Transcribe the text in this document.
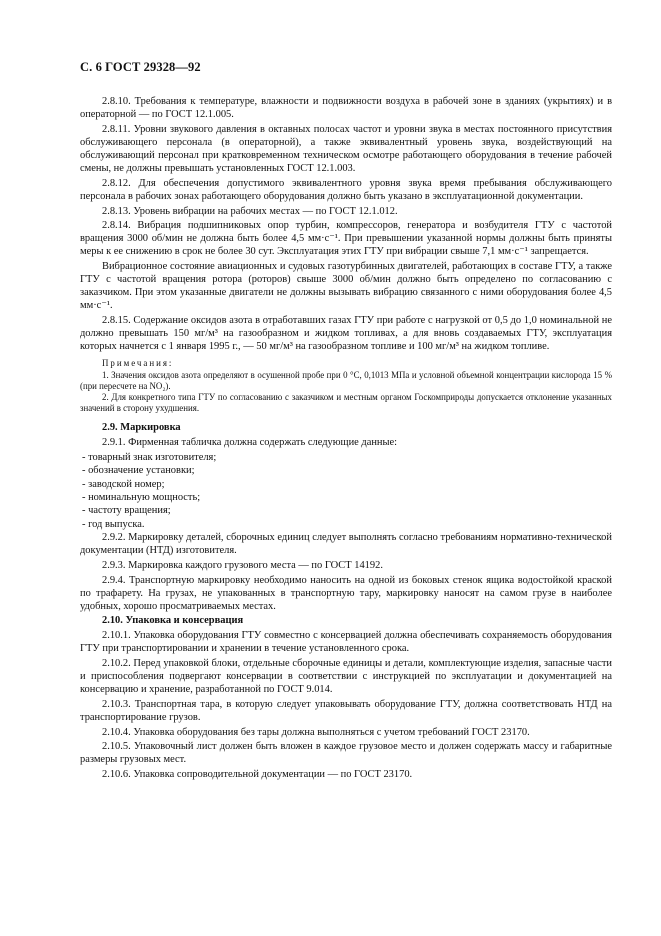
С. 6 ГОСТ 29328—92

2.8.10. Требования к температуре, влажности и подвижности воздуха в рабочей зоне в зданиях (укрытиях) и в операторной — по ГОСТ 12.1.005.

2.8.11. Уровни звукового давления в октавных полосах частот и уровни звука в местах постоянного присутствия обслуживающего персонала (в операторной), а также эквивалентный уровень звука, воздействующий на обслуживающий персонал при кратковременном техническом осмотре работающего оборудования в течение рабочей смены, не должны превышать установленных ГОСТ 12.1.003.

2.8.12. Для обеспечения допустимого эквивалентного уровня звука время пребывания обслуживающего персонала в рабочих зонах работающего оборудования должно быть указано в эксплуатационной документации.

2.8.13. Уровень вибрации на рабочих местах — по ГОСТ 12.1.012.

2.8.14. Вибрация подшипниковых опор турбин, компрессоров, генератора и возбудителя ГТУ с частотой вращения 3000 об/мин не должна быть более 4,5 мм·с⁻¹. При превышении указанной нормы должны быть приняты меры к ее снижению в срок не более 30 сут. Эксплуатация этих ГТУ при вибрации свыше 7,1 мм·с⁻¹ запрещается.

Вибрационное состояние авиационных и судовых газотурбинных двигателей, работающих в составе ГТУ, а также ГТУ с частотой вращения ротора (роторов) свыше 3000 об/мин должно быть определено по согласованию с заказчиком. При этом указанные двигатели не должны вызывать вибрацию связанного с ними оборудования более 4,5 мм·с⁻¹.

2.8.15. Содержание оксидов азота в отработавших газах ГТУ при работе с нагрузкой от 0,5 до 1,0 номинальной не должно превышать 150 мг/м³ на газообразном и жидком топливах, а для вновь создаваемых ГТУ, эксплуатация которых начнется с 1 января 1995 г., — 50 мг/м³ на газообразном топливе и 100 мг/м³ на жидком топливе.

Примечания:

1. Значения оксидов азота определяют в осушенной пробе при 0 °С, 0,1013 МПа и условной объемной концентрации кислорода 15 % (при пересчете на NO₂).

2. Для конкретного типа ГТУ по согласованию с заказчиком и местным органом Госкомприроды допускается отклонение указанных значений в сторону ухудшения.

2.9. Маркировка

2.9.1. Фирменная табличка должна содержать следующие данные:

- товарный знак изготовителя;

- обозначение установки;

- заводской номер;

- номинальную мощность;

- частоту вращения;

- год выпуска.

2.9.2. Маркировку деталей, сборочных единиц следует выполнять согласно требованиям нормативно-технической документации (НТД) изготовителя.

2.9.3. Маркировка каждого грузового места — по ГОСТ 14192.

2.9.4. Транспортную маркировку необходимо наносить на одной из боковых стенок ящика водостойкой краской по трафарету. На грузах, не упакованных в транспортную тару, маркировку наносят на самом грузе в наиболее удобных, хорошо просматриваемых местах.

2.10. Упаковка и консервация

2.10.1. Упаковка оборудования ГТУ совместно с консервацией должна обеспечивать сохраняемость оборудования ГТУ при транспортировании и хранении в течение установленного срока.

2.10.2. Перед упаковкой блоки, отдельные сборочные единицы и детали, комплектующие изделия, запасные части и приспособления подвергают консервации в соответствии с инструкцией по эксплуатации и документацией на консервацию и хранение, разработанной по ГОСТ 9.014.

2.10.3. Транспортная тара, в которую следует упаковывать оборудование ГТУ, должна соответствовать НТД на транспортирование грузов.

2.10.4. Упаковка оборудования без тары должна выполняться с учетом требований ГОСТ 23170.

2.10.5. Упаковочный лист должен быть вложен в каждое грузовое место и должен содержать массу и габаритные размеры грузовых мест.

2.10.6. Упаковка сопроводительной документации — по ГОСТ 23170.
